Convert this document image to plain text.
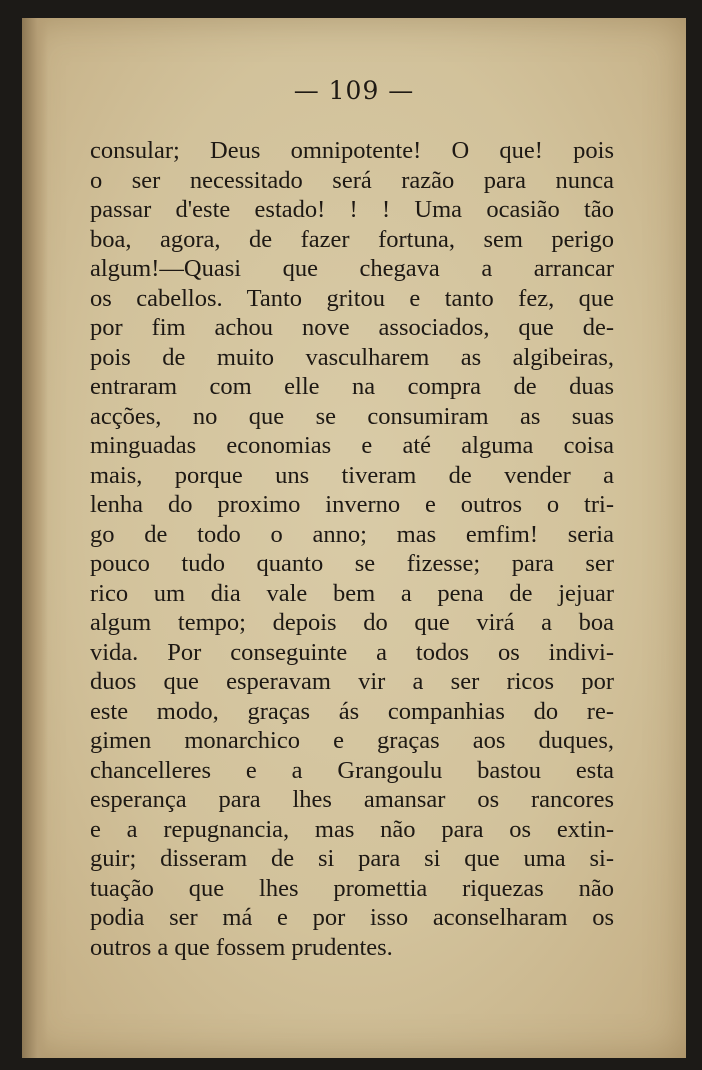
— 109 —
consular; Deus omnipotente! O que! pois
o ser necessitado será razão para nunca
passar d'este estado! ! ! Uma ocasião tão
boa, agora, de fazer fortuna, sem perigo
algum!—Quasi que chegava a arrancar
os cabellos. Tanto gritou e tanto fez, que
por fim achou nove associados, que de-
pois de muito vasculharem as algibeiras,
entraram com elle na compra de duas
acções, no que se consumiram as suas
minguadas economias e até alguma coisa
mais, porque uns tiveram de vender a
lenha do proximo inverno e outros o tri-
go de todo o anno; mas emfim! seria
pouco tudo quanto se fizesse; para ser
rico um dia vale bem a pena de jejuar
algum tempo; depois do que virá a boa
vida. Por conseguinte a todos os indivi-
duos que esperavam vir a ser ricos por
este modo, graças ás companhias do re-
gimen monarchico e graças aos duques,
chancelleres e a Grangoulu bastou esta
esperança para lhes amansar os rancores
e a repugnancia, mas não para os extin-
guir; disseram de si para si que uma si-
tuação que lhes promettia riquezas não
podia ser má e por isso aconselharam os
outros a que fossem prudentes.
